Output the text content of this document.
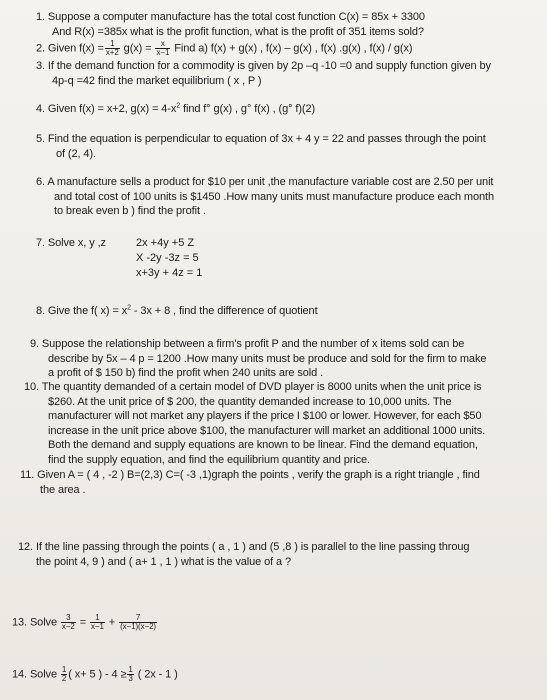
1. Suppose a computer manufacture has the total cost function C(x) = 85x + 3300
And R(x) =385x what is the profit function, what is the profit of 351 items sold?
2. Given $f(x) = \frac{1}{x+2} g(x) = \frac{x}{x-1}$ Find a) f(x) + g(x) , f(x) – g(x) , f(x) .g(x) , f(x) / g(x)
3. If the demand function for a commodity is given by 2p –q -10 =0 and supply function given by
4p-q =42 find the market equilibrium ( x , P )
4. Given f(x) = x+2, $g(x) = 4-x^2$ find f° g(x) , g° f(x) , (g° f)(2)
5. Find the equation is perpendicular to equation of 3x + 4 y = 22 and passes through the point
of (2, 4).
6. A manufacture sells a product for $10 per unit ,the manufacture variable cost are 2.50 per unit
and total cost of 100 units is $1450 .How many units must manufacture produce each month
to break even b ) find the profit .
7. Solve x, y ,z	2x +4y +5 Z
X -2y -3z = 5
x+3y + 4z = 1
8. Give the f( $x) = x^2 - 3x + 8$ , find the difference of quotient
9. Suppose the relationship between a firm's profit P and the number of x items sold can be
describe by 5x – 4 p = 1200 .How many units must be produce and sold for the firm to make
a profit of $ 150 b) find the profit when 240 units are sold .
10. The quantity demanded of a certain model of DVD player is 8000 units when the unit price is
$260. At the unit price of $ 200, the quantity demanded increase to 10,000 units. The
manufacturer will not market any players if the price I $100 or lower. However, for each $50
increase in the unit price above $100, the manufacturer will market an additional 1000 units.
Both the demand and supply equations are known to be linear. Find the demand equation,
find the supply equation, and find the equilibrium quantity and price.
11. Given A = ( 4 , -2 ) B=(2,3) C=( -3 ,1)graph the points , verify the graph is a right triangle , find
the area .
12. If the line passing through the points ( a , 1 ) and (5 ,8 ) is parallel to the line passing throug
the point 4, 9 ) and ( a+ 1 , 1 ) what is the value of a ?
13. Solve $\frac{3}{x-2} = \frac{1}{x-1} + \frac{7}{(x-1)(x-2)}$
14. Solve $\frac{1}{2}$ ( x+ 5 ) - $4 \ge \frac{1}{3}$ ( 2x - 1 )
